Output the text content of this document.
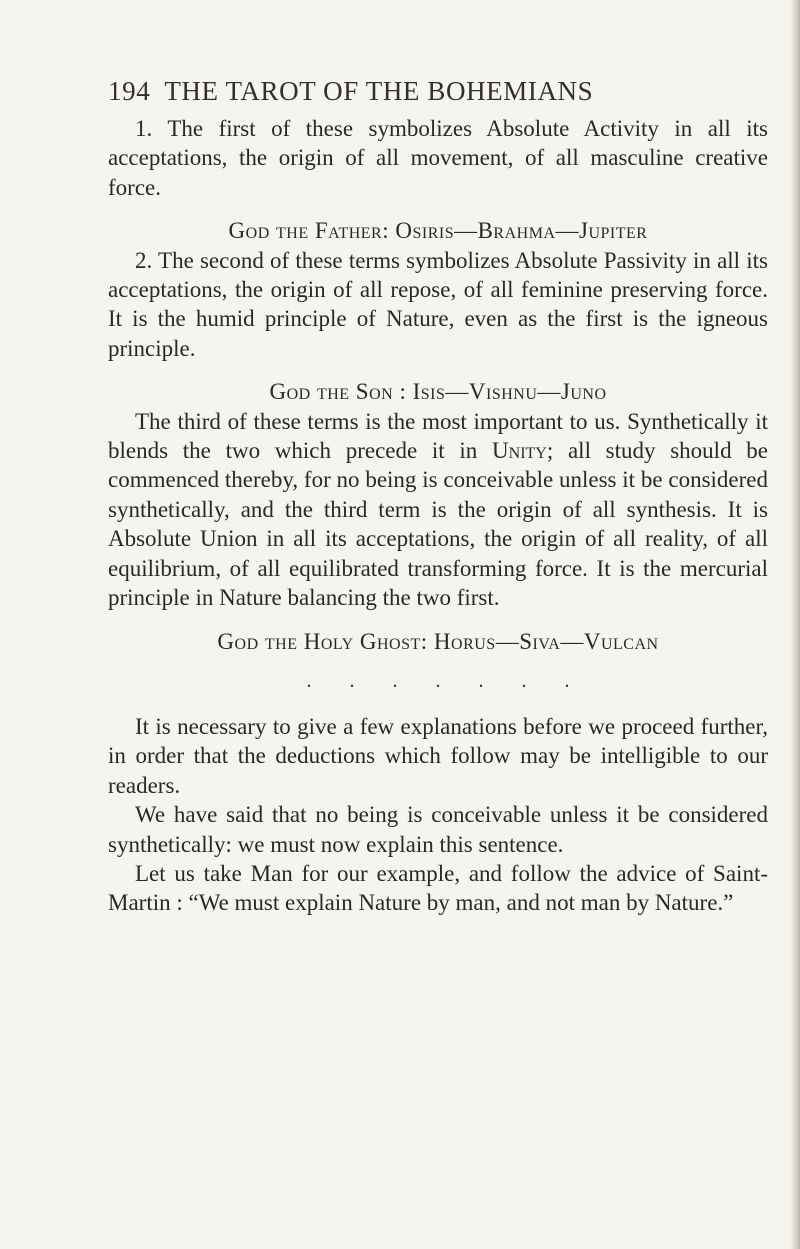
194 THE TAROT OF THE BOHEMIANS

1. The first of these symbolizes Absolute Activity in all its acceptations, the origin of all movement, of all masculine creative force.

God the Father: Osiris—Brahma—Jupiter

2. The second of these terms symbolizes Absolute Passivity in all its acceptations, the origin of all repose, of all feminine preserving force. It is the humid principle of Nature, even as the first is the igneous principle.

God the Son : Isis—Vishnu—Juno

The third of these terms is the most important to us. Synthetically it blends the two which precede it in Unity; all study should be commenced thereby, for no being is conceivable unless it be considered synthetically, and the third term is the origin of all synthesis. It is Absolute Union in all its acceptations, the origin of all reality, of all equilibrium, of all equilibrated transforming force. It is the mercurial principle in Nature balancing the two first.

God the Holy Ghost: Horus—Siva—Vulcan

.......

It is necessary to give a few explanations before we proceed further, in order that the deductions which follow may be intelligible to our readers.

We have said that no being is conceivable unless it be considered synthetically: we must now explain this sentence.

Let us take Man for our example, and follow the advice of Saint-Martin : “We must explain Nature by man, and not man by Nature.”
